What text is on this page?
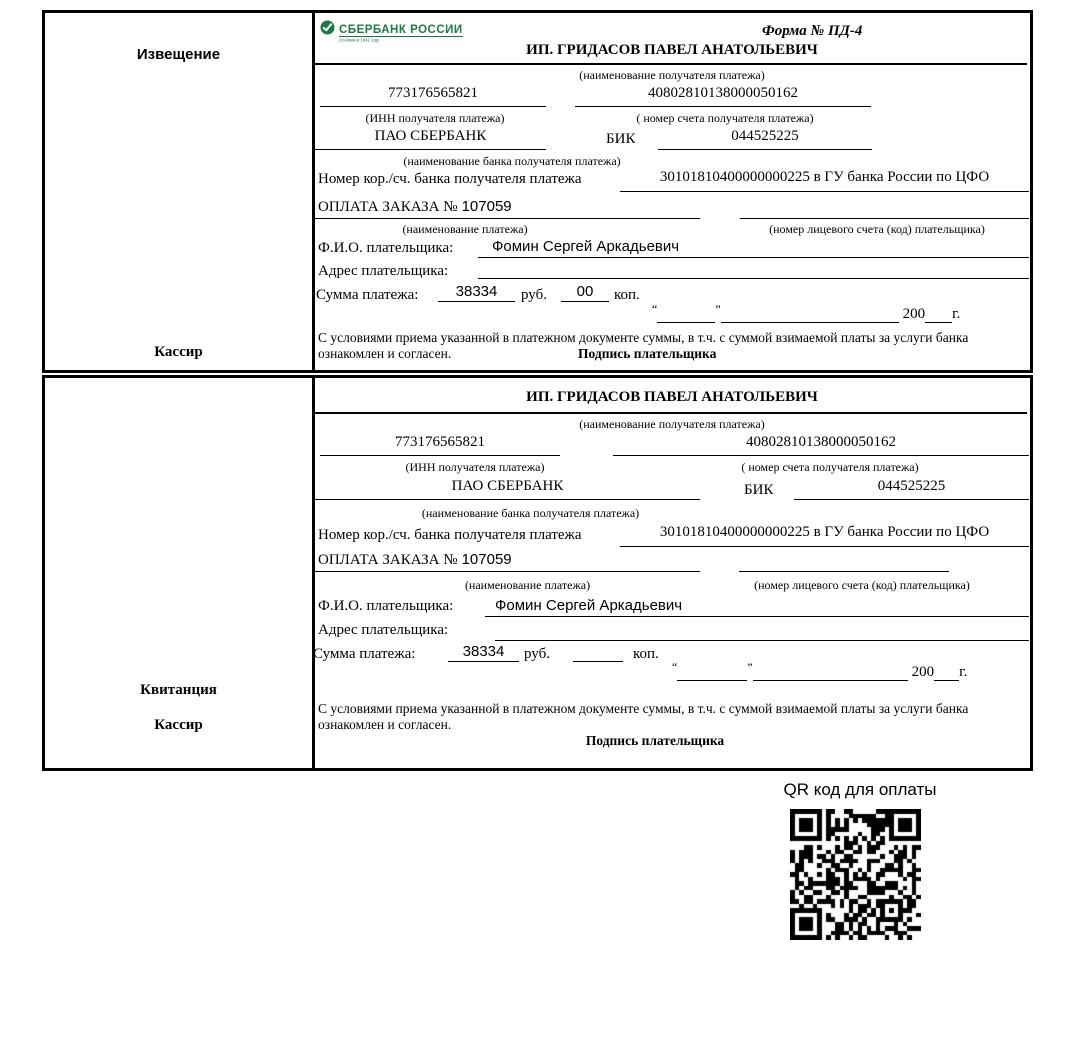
Извещение
Кассир
СБЕРБАНК РОССИИ
Основан в 1841 году
Форма № ПД-4
ИП. ГРИДАСОВ ПАВЕЛ АНАТОЛЬЕВИЧ
(наименование получателя платежа)
773176565821	40802810138000050162
(ИНН получателя платежа)	( номер счета получателя платежа)
ПАО СБЕРБАНК	БИК	044525225
(наименование банка получателя платежа)
Номер кор./сч. банка получателя платежа	30101810400000000225 в ГУ банка России по ЦФО
ОПЛАТА ЗАКАЗА № 107059
(наименование платежа)	(номер лицевого счета (код) плательщика)
Ф.И.О. плательщика:	Фомин Сергей Аркадьевич
Адрес плательщика:
Сумма платежа:	38334	руб.	00	коп.
“	”	200 г.
С условиями приема указанной в платежном документе суммы, в т.ч. с суммой взимаемой платы за услуги банка
ознакомлен и согласен.	Подпись плательщика
Квитанция
Кассир
ИП. ГРИДАСОВ ПАВЕЛ АНАТОЛЬЕВИЧ
(наименование получателя платежа)
773176565821	40802810138000050162
(ИНН получателя платежа)	( номер счета получателя платежа)
ПАО СБЕРБАНК	БИК	044525225
(наименование банка получателя платежа)
Номер кор./сч. банка получателя платежа	30101810400000000225 в ГУ банка России по ЦФО
ОПЛАТА ЗАКАЗА № 107059
(наименование платежа)	(номер лицевого счета (код) плательщика)
Ф.И.О. плательщика:	Фомин Сергей Аркадьевич
Адрес плательщика:
Сумма платежа:	38334	руб.	коп.
“	”	200 г.
С условиями приема указанной в платежном документе суммы, в т.ч. с суммой взимаемой платы за услуги банка
ознакомлен и согласен.
Подпись плательщика
QR код для оплаты
